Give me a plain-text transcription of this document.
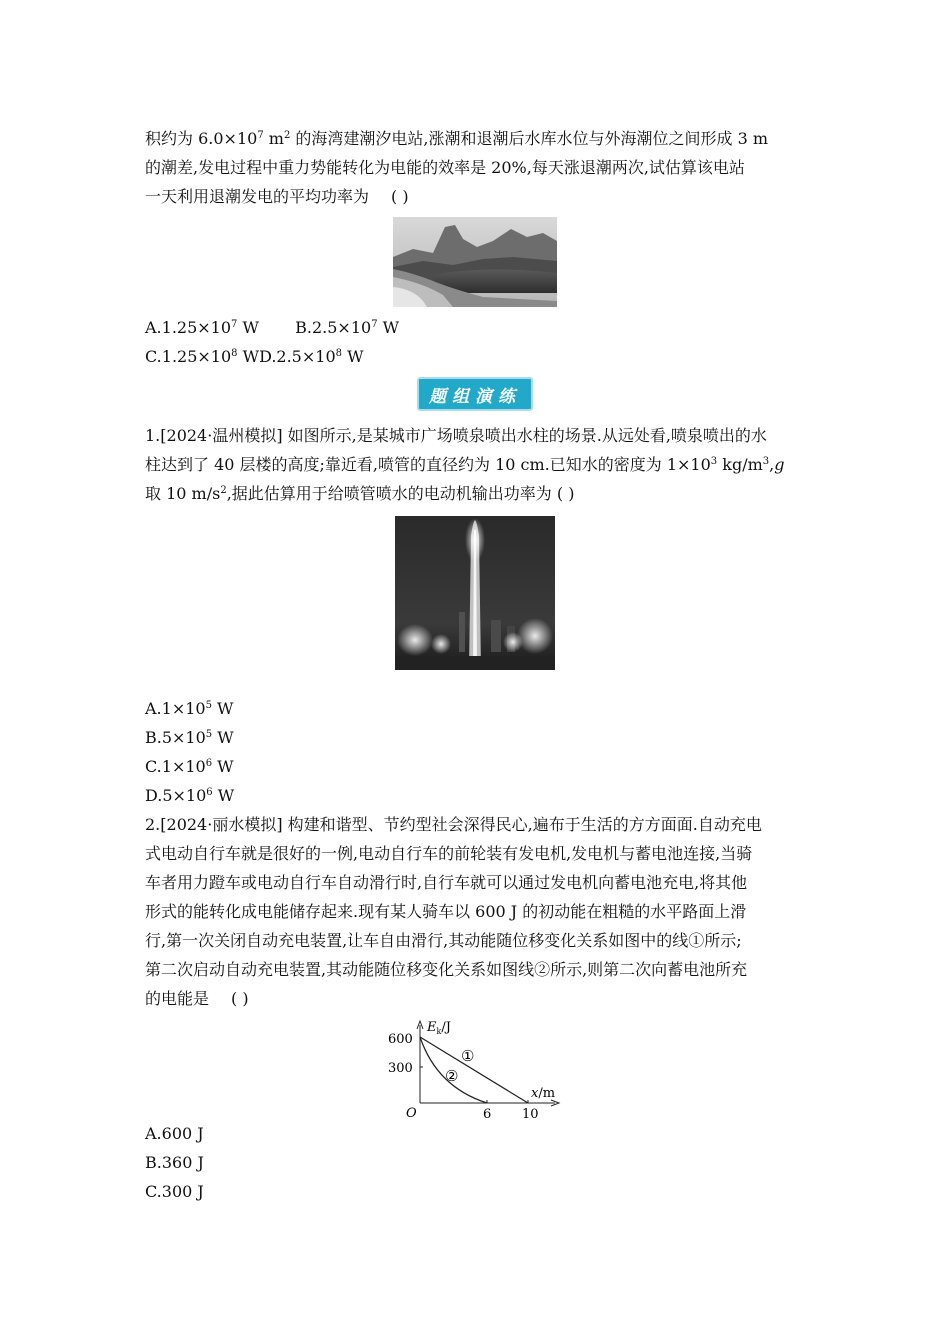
积约为 $6.0\times 10^7$ $m^2$ 的海湾建潮汐电站,涨潮和退潮后水库水位与外海潮位之间形成 3 m

的潮差,发电过程中重力势能转化为电能的效率是 20%,每天涨退潮两次,试估算该电站

一天利用退潮发电的平均功率为 ( )

$A.1.25\times 10^7$ W $B.2.5\times 10^7$ W

$C.1.25\times 10^8$ $WD.2.5\times 10^8$ W

题组演练

1.[2024·温州模拟] 如图所示,是某城市广场喷泉喷出水柱的场景.从远处看,喷泉喷出的水

柱达到了 40 层楼的高度;靠近看,喷管的直径约为 10 cm.已知水的密度为 $1\times 10^3$ $kg/m^3,g$

取 10 $m/s^2$,据此估算用于给喷管喷水的电动机输出功率为 ( )

$A.1\times 10^5$ W

$B.5\times 10^5$ W

$C.1\times 10^6$ W

$D.5\times 10^6$ W

2.[2024·丽水模拟] 构建和谐型、节约型社会深得民心,遍布于生活的方方面面.自动充电

式电动自行车就是很好的一例,电动自行车的前轮装有发电机,发电机与蓄电池连接,当骑

车者用力蹬车或电动自行车自动滑行时,自行车就可以通过发电机向蓄电池充电,将其他

形式的能转化成电能储存起来.现有某人骑车以 600 J 的初动能在粗糙的水平路面上滑

行,第一次关闭自动充电装置,让车自由滑行,其动能随位移变化关系如图中的线①所示;

第二次启动自动充电装置,其动能随位移变化关系如图线②所示,则第二次向蓄电池所充

的电能是 ( )

$E_k/J$
x/m
O
600
300
6 10
①
②

A.600 J

B.360 J

C.300 J
